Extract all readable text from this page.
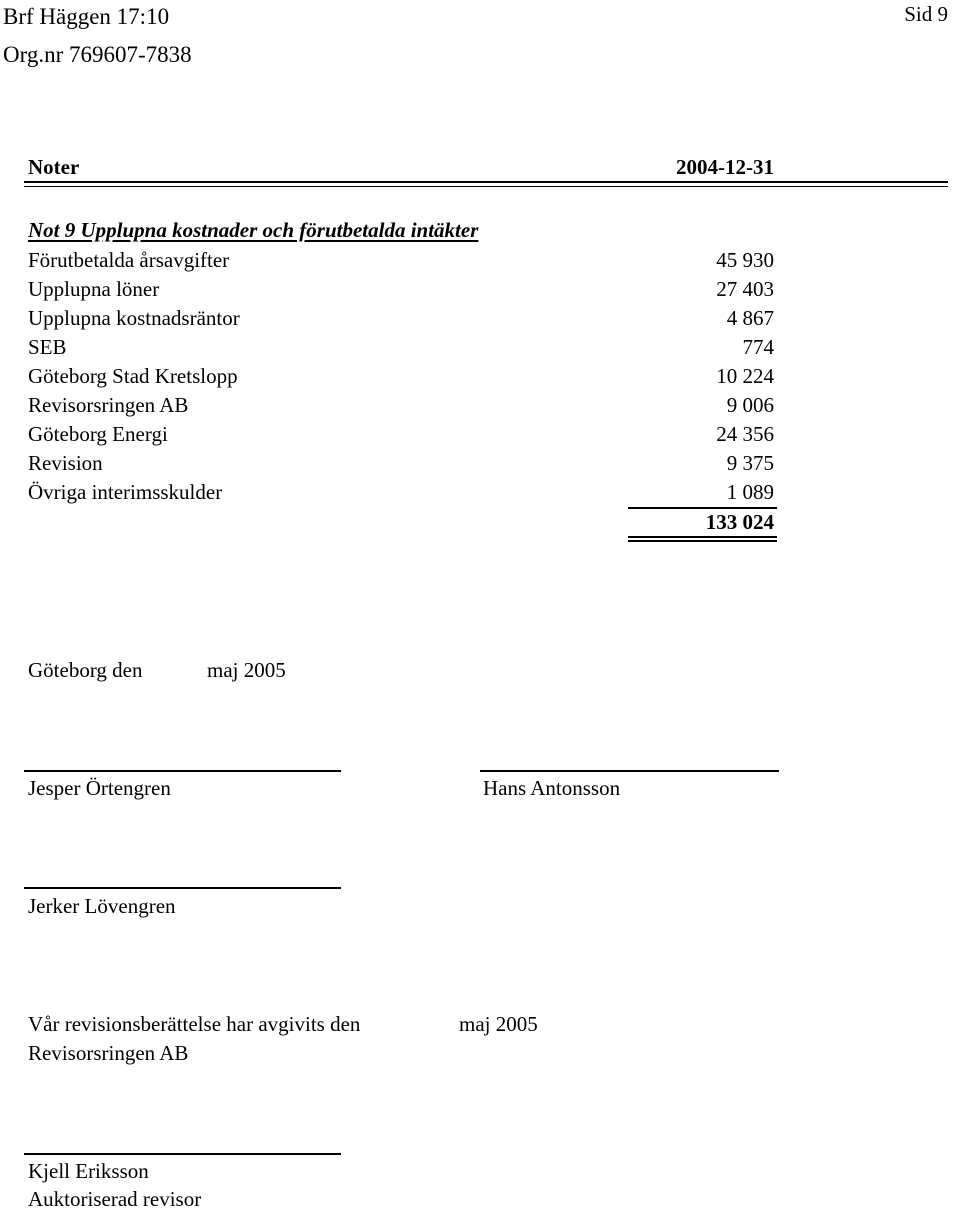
Brf Häggen 17:10
Org.nr 769607-7838
Sid 9
Noter	2004-12-31
Not 9 Upplupna kostnader och förutbetalda intäkter
Förutbetalda årsavgifter	45 930
Upplupna löner	27 403
Upplupna kostnadsräntor	4 867
SEB	774
Göteborg Stad Kretslopp	10 224
Revisorsringen AB	9 006
Göteborg Energi	24 356
Revision	9 375
Övriga interimsskulder	1 089
133 024
Göteborg den	maj 2005
Jesper Örtengren	Hans Antonsson
Jerker Lövengren
Vår revisionsberättelse har avgivits den	maj 2005
Revisorsringen AB
Kjell Eriksson
Auktoriserad revisor
